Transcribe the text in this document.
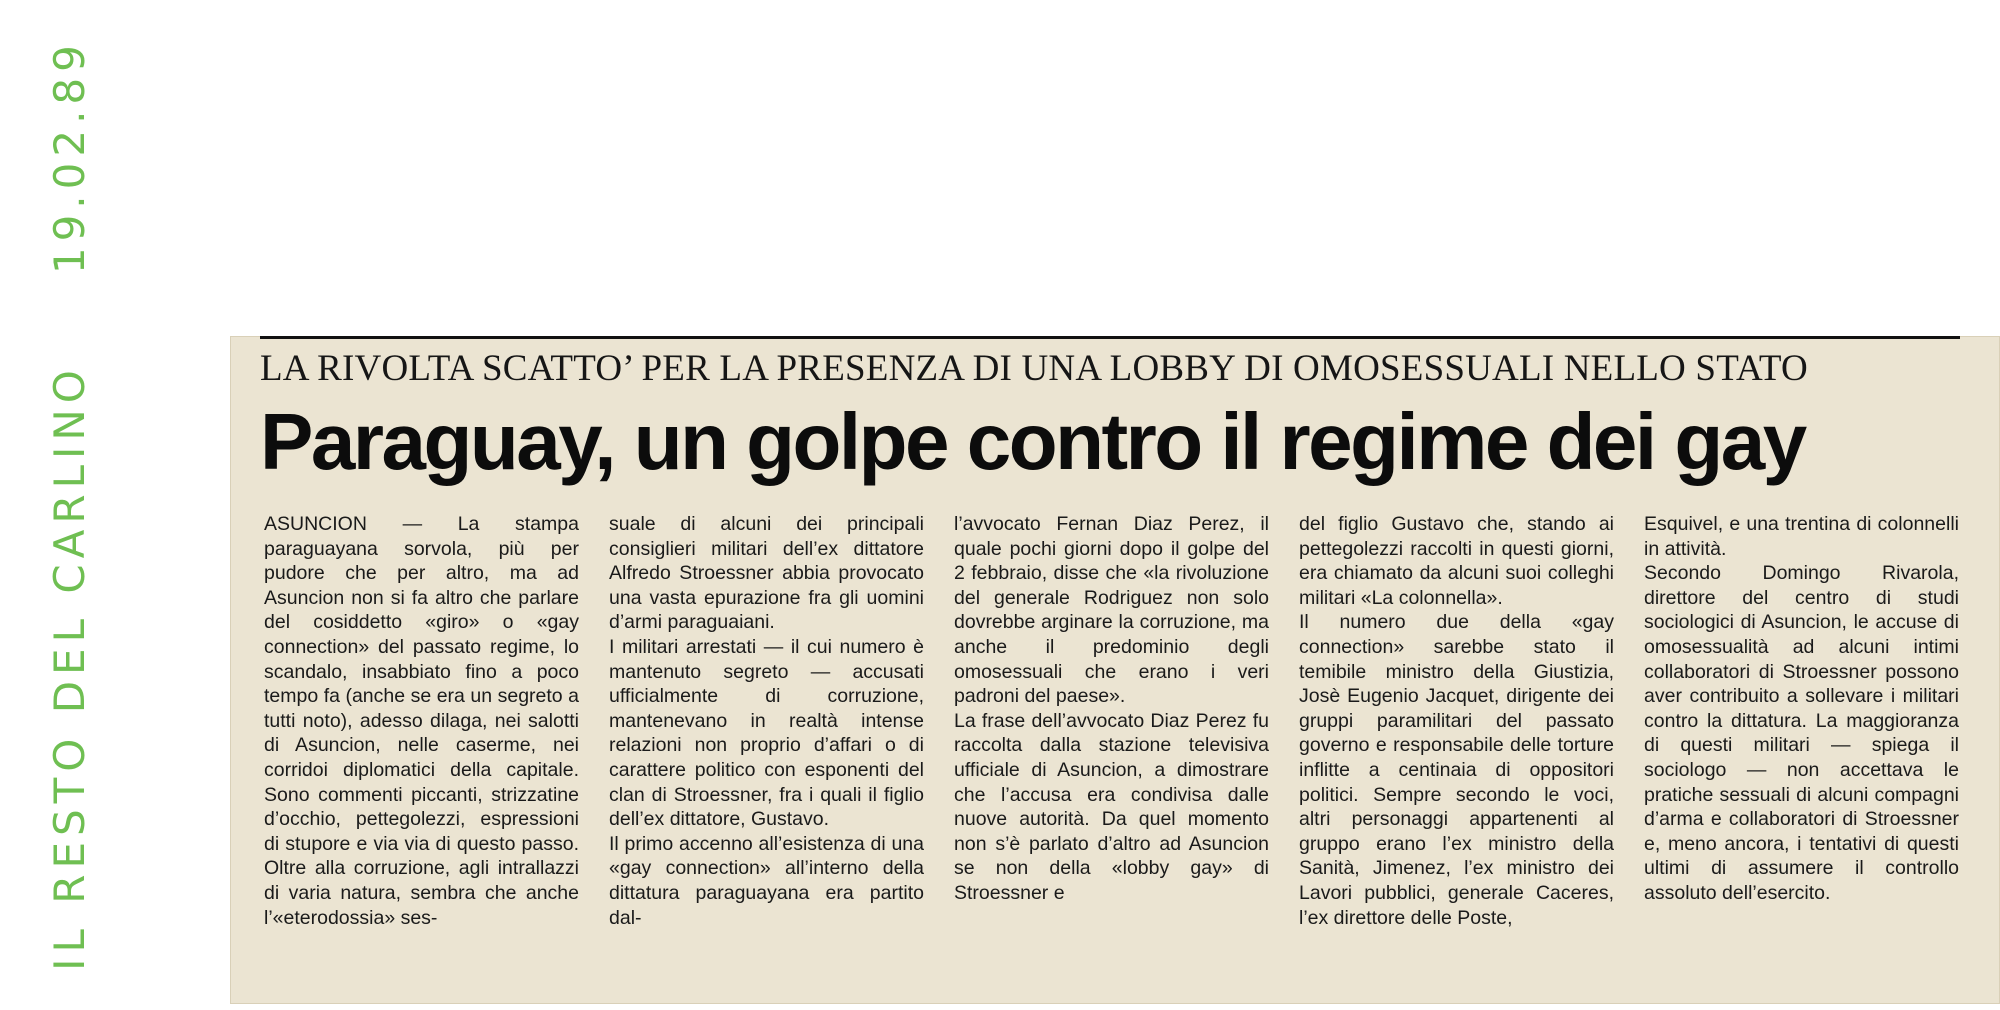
IL RESTO DEL CARLINO19.02.89
LA RIVOLTA SCATTO’ PER LA PRESENZA DI UNA LOBBY DI OMOSESSUALI NELLO STATO
Paraguay, un golpe contro il regime dei gay

ASUNCION — La stampa paraguayana sorvola, più per pudore che per altro, ma ad Asuncion non si fa altro che parlare del cosiddetto «giro» o «gay connection» del passato regime, lo scandalo, insabbiato fino a poco tempo fa (anche se era un segreto a tutti noto), adesso dilaga, nei salotti di Asuncion, nelle caserme, nei corridoi diplomatici della capitale. Sono commenti piccanti, strizzatine d’occhio, pettegolezzi, espressioni di stupore e via via di questo passo. Oltre alla corruzione, agli intrallazzi di varia natura, sembra che anche l’«eterodossia» ses-

suale di alcuni dei principali consiglieri militari dell’ex dittatore Alfredo Stroessner abbia provocato una vasta epurazione fra gli uomini d’armi paraguaiani.

I militari arrestati — il cui numero è mantenuto segreto — accusati ufficialmente di corruzione, mantenevano in realtà intense relazioni non proprio d’affari o di carattere politico con esponenti del clan di Stroessner, fra i quali il figlio dell’ex dittatore, Gustavo.

Il primo accenno all’esistenza di una «gay connection» all’interno della dittatura paraguayana era partito dal-

l’avvocato Fernan Diaz Perez, il quale pochi giorni dopo il golpe del 2 febbraio, disse che «la rivoluzione del generale Rodriguez non solo dovrebbe arginare la corruzione, ma anche il predominio degli omosessuali che erano i veri padroni del paese».

La frase dell’avvocato Diaz Perez fu raccolta dalla stazione televisiva ufficiale di Asuncion, a dimostrare che l’accusa era condivisa dalle nuove autorità. Da quel momento non s’è parlato d’altro ad Asuncion se non della «lobby gay» di Stroessner e

del figlio Gustavo che, stando ai pettegolezzi raccolti in questi giorni, era chiamato da alcuni suoi colleghi militari «La colonnella».

Il numero due della «gay connection» sarebbe stato il temibile ministro della Giustizia, Josè Eugenio Jacquet, dirigente dei gruppi paramilitari del passato governo e responsabile delle torture inflitte a centinaia di oppositori politici. Sempre secondo le voci, altri personaggi appartenenti al gruppo erano l’ex ministro della Sanità, Jimenez, l’ex ministro dei Lavori pubblici, generale Caceres, l’ex direttore delle Poste,

Esquivel, e una trentina di colonnelli in attività.

Secondo Domingo Rivarola, direttore del centro di studi sociologici di Asuncion, le accuse di omosessualità ad alcuni intimi collaboratori di Stroessner possono aver contribuito a sollevare i militari contro la dittatura. La maggioranza di questi militari — spiega il sociologo — non accettava le pratiche sessuali di alcuni compagni d’arma e collaboratori di Stroessner e, meno ancora, i tentativi di questi ultimi di assumere il controllo assoluto dell’esercito.
